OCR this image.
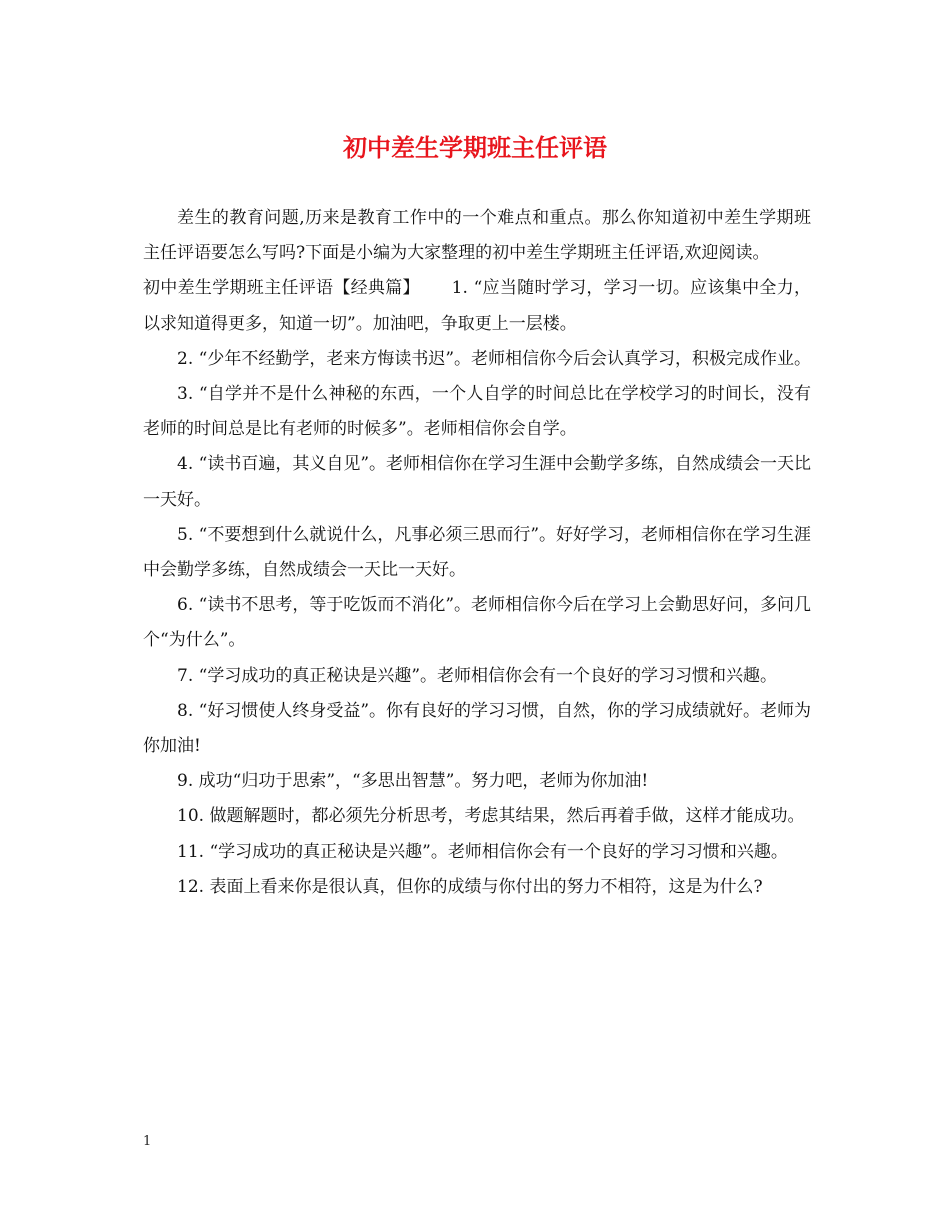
初中差生学期班主任评语

差生的教育问题,历来是教育工作中的一个难点和重点。那么你知道初中差生学期班主任评语要怎么写吗?下面是小编为大家整理的初中差生学期班主任评语,欢迎阅读。

初中差生学期班主任评语【经典篇】　　 1. “应当随时学习，学习一切。应该集中全力，以求知道得更多，知道一切”。加油吧，争取更上一层楼。

2. “少年不经勤学，老来方悔读书迟”。老师相信你今后会认真学习，积极完成作业。

3. “自学并不是什么神秘的东西，一个人自学的时间总比在学校学习的时间长，没有老师的时间总是比有老师的时候多”。老师相信你会自学。

4. “读书百遍，其义自见”。老师相信你在学习生涯中会勤学多练，自然成绩会一天比一天好。

5. “不要想到什么就说什么，凡事必须三思而行”。好好学习，老师相信你在学习生涯中会勤学多练，自然成绩会一天比一天好。

6. “读书不思考，等于吃饭而不消化”。老师相信你今后在学习上会勤思好问，多问几个“为什么”。

7. “学习成功的真正秘诀是兴趣”。老师相信你会有一个良好的学习习惯和兴趣。

8. “好习惯使人终身受益”。你有良好的学习习惯，自然，你的学习成绩就好。老师为你加油!

9. 成功“归功于思索”，“多思出智慧”。努力吧，老师为你加油!

10. 做题解题时，都必须先分析思考，考虑其结果，然后再着手做，这样才能成功。

11. “学习成功的真正秘诀是兴趣”。老师相信你会有一个良好的学习习惯和兴趣。

12. 表面上看来你是很认真，但你的成绩与你付出的努力不相符，这是为什么?

1
